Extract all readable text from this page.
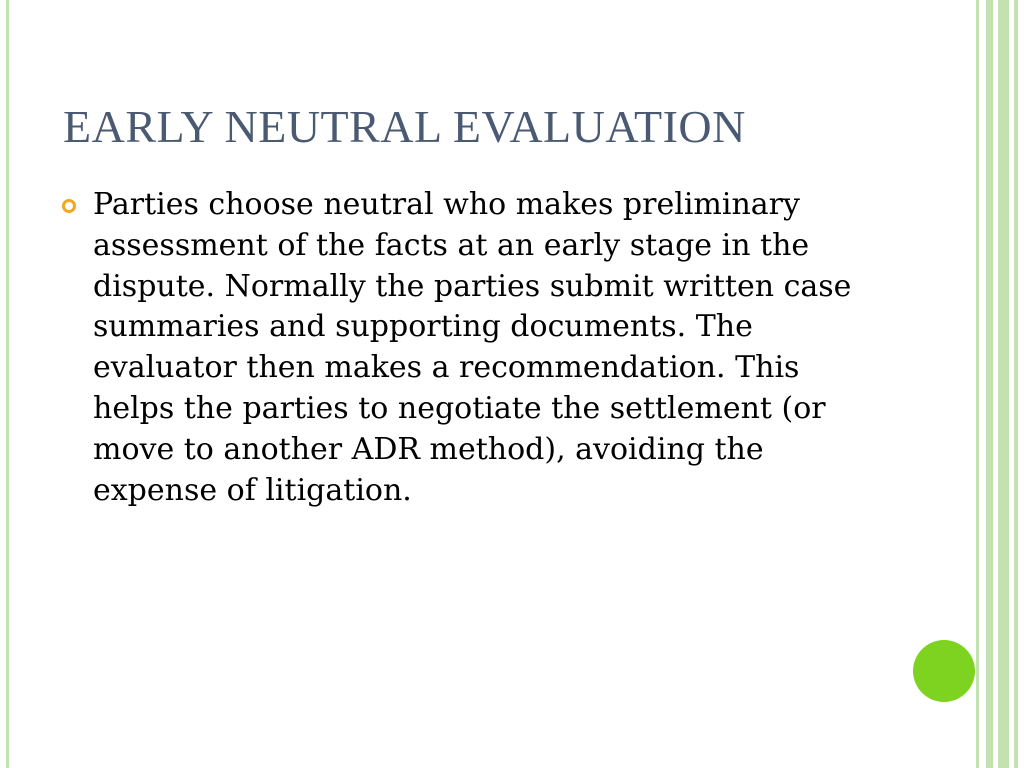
EARLY NEUTRAL EVALUATION
Parties choose neutral who makes preliminary assessment of the facts at an early stage in the dispute. Normally the parties submit written case summaries and supporting documents. The evaluator then makes a recommendation. This helps the parties to negotiate the settlement (or move to another ADR method), avoiding the expense of litigation.
